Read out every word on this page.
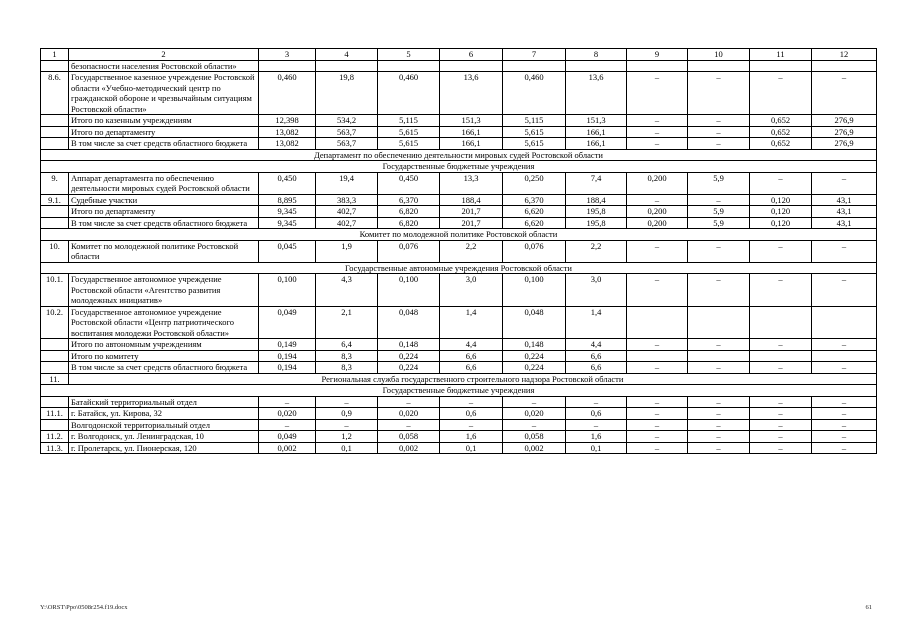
1	2	3	4	5	6	7	8	9	10	11	12
	безопасности населения Ростовской области»										
8.6.	Государственное казенное учреждение Ростовской области «Учебно-методический центр по гражданской обороне и чрезвычайным ситуациям Ростовской области»	0,460	19,8	0,460	13,6	0,460	13,6	–	–	–	–
	Итого по казенным учреждениям	12,398	534,2	5,115	151,3	5,115	151,3	–	–	0,652	276,9
	Итого по департаменту	13,082	563,7	5,615	166,1	5,615	166,1	–	–	0,652	276,9
	В том числе за счет средств областного бюджета	13,082	563,7	5,615	166,1	5,615	166,1	–	–	0,652	276,9
Департамент по обеспечению деятельности мировых судей Ростовской области											
Государственные бюджетные учреждения											
9.	Аппарат департамента по обеспечению деятельности мировых судей Ростовской области	0,450	19,4	0,450	13,3	0,250	7,4	0,200	5,9	–	–
9.1.	Судебные участки	8,895	383,3	6,370	188,4	6,370	188,4	–	–	0,120	43,1
	Итого по департаменту	9,345	402,7	6,820	201,7	6,620	195,8	0,200	5,9	0,120	43,1
	В том числе за счет средств областного бюджета	9,345	402,7	6,820	201,7	6,620	195,8	0,200	5,9	0,120	43,1
Комитет по молодежной политике Ростовской области											
10.	Комитет по молодежной политике Ростовской области	0,045	1,9	0,076	2,2	0,076	2,2	–	–	–	–
Государственные автономные учреждения Ростовской области											
10.1.	Государственное автономное учреждение Ростовской области «Агентство развития молодежных инициатив»	0,100	4,3	0,100	3,0	0,100	3,0	–	–	–	–
10.2.	Государственное автономное учреждение Ростовской области «Центр патриотического воспитания молодежи Ростовской области»	0,049	2,1	0,048	1,4	0,048	1,4				
	Итого по автономным учреждениям	0,149	6,4	0,148	4,4	0,148	4,4	–	–	–	–
	Итого по комитету	0,194	8,3	0,224	6,6	0,224	6,6				
	В том числе за счет средств областного бюджета	0,194	8,3	0,224	6,6	0,224	6,6	–	–	–	–
11.	Региональная служба государственного строительного надзора Ростовской области										
Государственные бюджетные учреждения											
	Батайский территориальный отдел	–	–	–	–	–	–	–	–	–	–
11.1.	г. Батайск, ул. Кирова, 32	0,020	0,9	0,020	0,6	0,020	0,6	–	–	–	–
	Волгодонской территориальный отдел	–	–	–	–	–	–	–	–	–	–
11.2.	г. Волгодонск, ул. Ленинградская, 10	0,049	1,2	0,058	1,6	0,058	1,6	–	–	–	–
11.3.	г. Пролетарск, ул. Пионерская, 120	0,002	0,1	0,002	0,1	0,002	0,1	–	–	–	–
Y:\ORST\Ppo\0508r254.f19.docx	61
